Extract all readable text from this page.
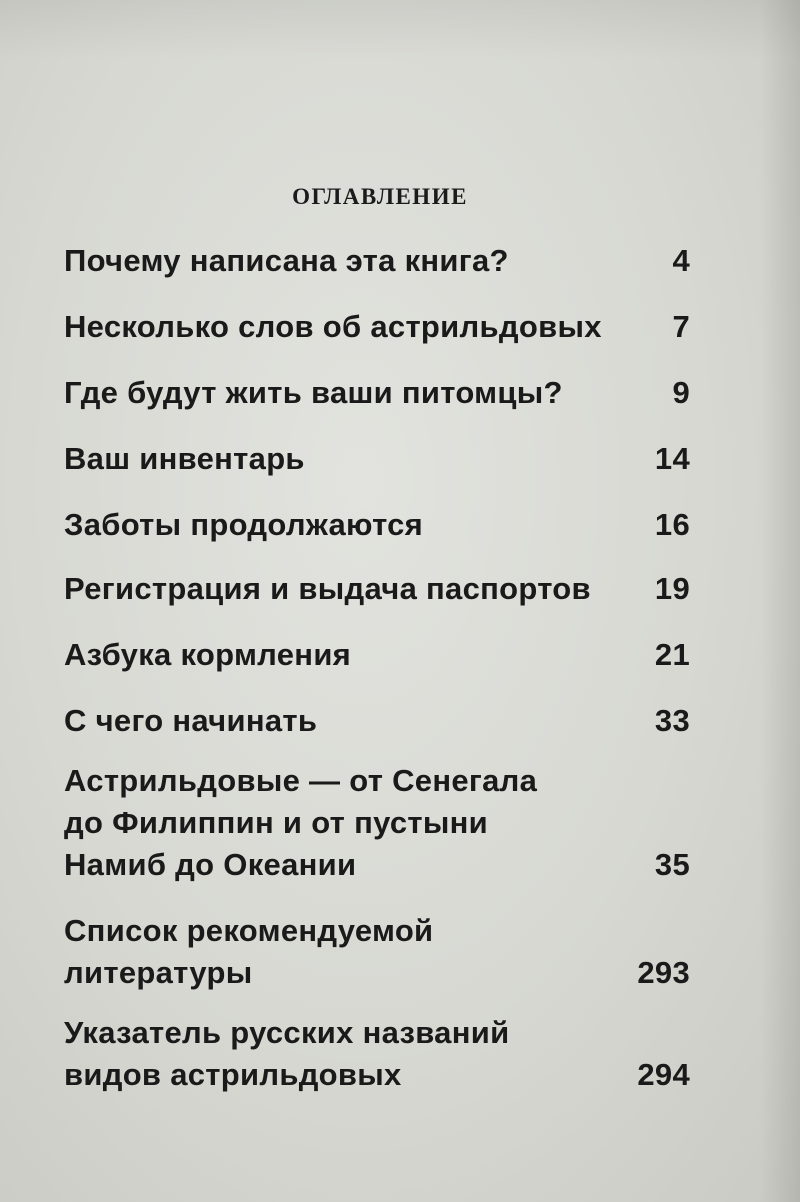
ОГЛАВЛЕНИЕ
Почему написана эта книга?	4
Несколько слов об астрильдовых	7
Где будут жить ваши питомцы?	9
Ваш инвентарь	14
Заботы продолжаются	16
Регистрация и выдача паспортов	19
Азбука кормления	21
С чего начинать	33
Астрильдовые — от Сенегала
до Филиппин и от пустыни
Намиб до Океании	35
Список рекомендуемой
литературы	293
Указатель русских названий
видов астрильдовых	294
